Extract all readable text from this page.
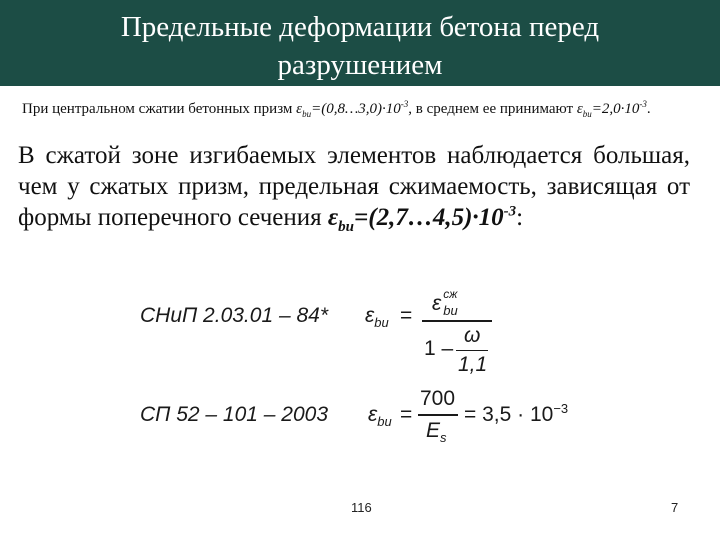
Предельные деформации бетона перед
разрушением
При центральном сжатии бетонных призм $\varepsilon_{bu}=(0,8\dots 3,0)\cdot 10^{-3}$, в среднем ее принимают $\varepsilon_{bu}=2,0\cdot 10^{-3}$.
В сжатой зоне изгибаемых элементов наблюдается большая, чем у сжатых призм, предельная сжимаемость, зависящая от формы поперечного сечения $\varepsilon_{bu}=(2,7\dots 4,5)\cdot 10^{-3}$:
СНиП 2.03.01 – 84* $\varepsilon_{bu}$ =
ε сж
bu
1 –
ω
1,1
СП 52 – 101 – 2003 $\varepsilon_{bu}$ =
700
$E_s$
= $3,5 \cdot 10^{-3}$
116	7
